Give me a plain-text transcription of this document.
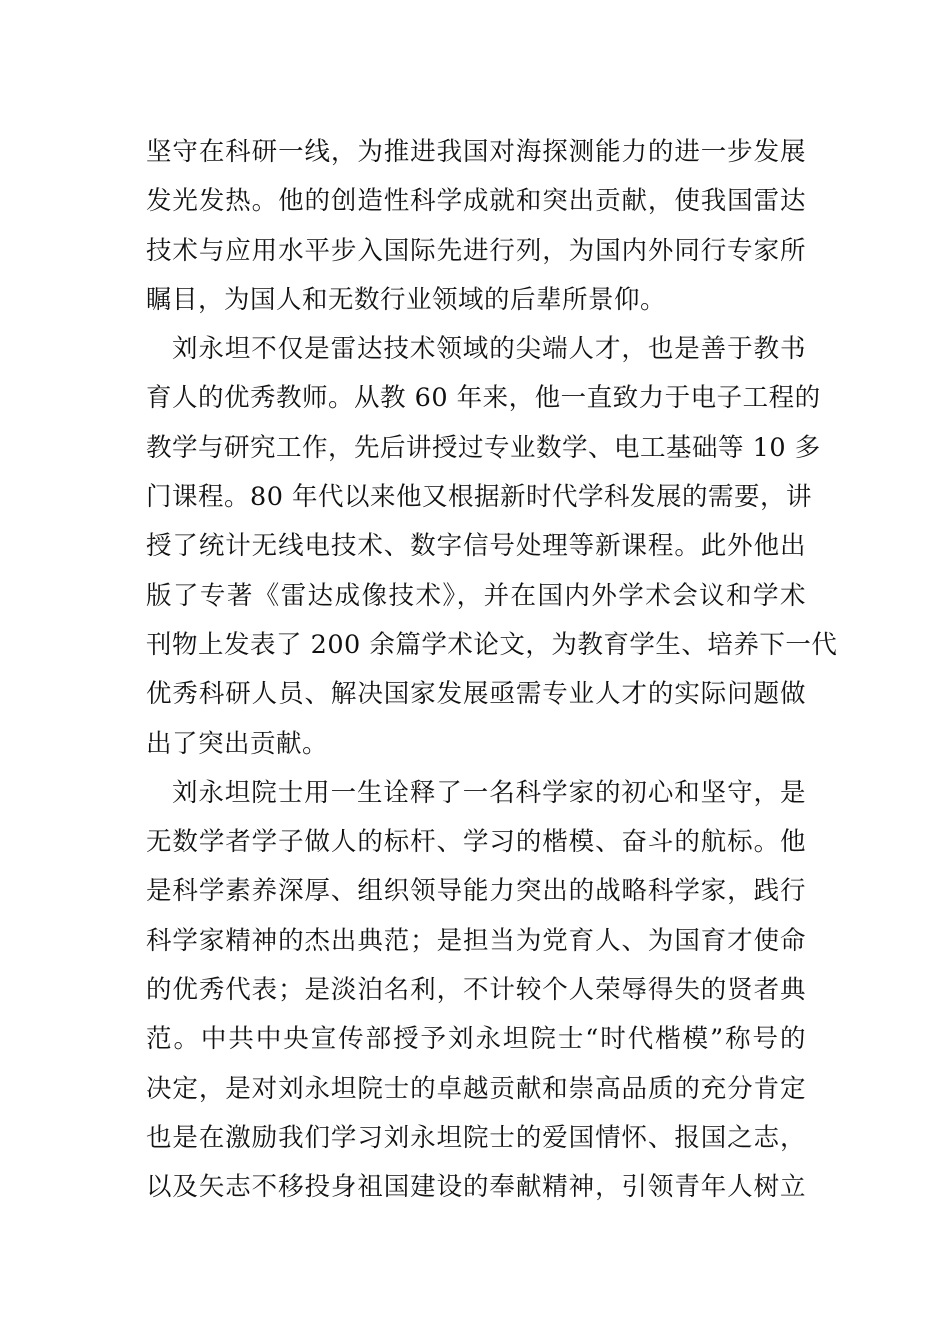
坚守在科研一线，为推进我国对海探测能力的进一步发展
发光发热。他的创造性科学成就和突出贡献，使我国雷达
技术与应用水平步入国际先进行列，为国内外同行专家所
瞩目，为国人和无数行业领域的后辈所景仰。
刘永坦不仅是雷达技术领域的尖端人才，也是善于教书
育人的优秀教师。从教 60 年来，他一直致力于电子工程的
教学与研究工作，先后讲授过专业数学、电工基础等 10 多
门课程。80 年代以来他又根据新时代学科发展的需要，讲
授了统计无线电技术、数字信号处理等新课程。此外他出
版了专著《雷达成像技术》，并在国内外学术会议和学术
刊物上发表了 200 余篇学术论文，为教育学生、培养下一代
优秀科研人员、解决国家发展亟需专业人才的实际问题做
出了突出贡献。
刘永坦院士用一生诠释了一名科学家的初心和坚守，是
无数学者学子做人的标杆、学习的楷模、奋斗的航标。他
是科学素养深厚、组织领导能力突出的战略科学家，践行
科学家精神的杰出典范；是担当为党育人、为国育才使命
的优秀代表；是淡泊名利，不计较个人荣辱得失的贤者典
范。中共中央宣传部授予刘永坦院士“时代楷模”称号的
决定，是对刘永坦院士的卓越贡献和崇高品质的充分肯定
也是在激励我们学习刘永坦院士的爱国情怀、报国之志，
以及矢志不移投身祖国建设的奉献精神，引领青年人树立
